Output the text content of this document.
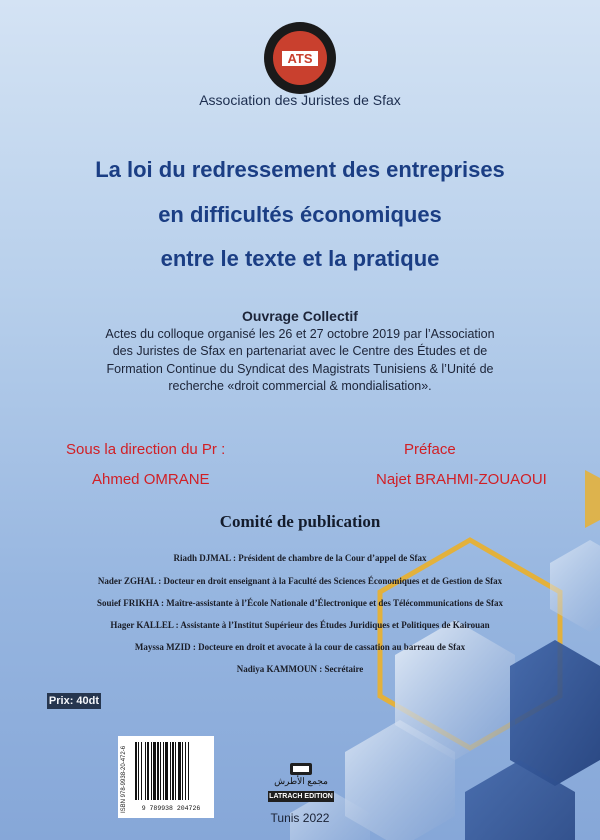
ATS
Association des Juristes de Sfax
La loi du redressement des entreprises
en difficultés économiques
entre le texte et la pratique
Ouvrage Collectif
Actes du colloque organisé les 26 et 27 octobre 2019 par l’Association
des Juristes de Sfax en partenariat avec le Centre des Études et de
Formation Continue du Syndicat des Magistrats Tunisiens & l’Unité de
recherche «droit commercial & mondialisation».
Sous la direction du Pr :
Ahmed OMRANE
Préface
Najet BRAHMI-ZOUAOUI
Comité de publication
Riadh DJMAL : Président de chambre de la Cour d’appel de Sfax
Nader ZGHAL : Docteur en droit enseignant à la Faculté des Sciences Économiques et de Gestion de Sfax
Souief FRIKHA : Maître-assistante à l’École Nationale d’Électronique et des Télécommunications de Sfax
Hager KALLEL : Assistante à l’Institut Supérieur des Études Juridiques et Politiques de Kairouan
Mayssa MZID : Docteure en droit et avocate à la cour de cassation au barreau de Sfax
Nadiya KAMMOUN : Secrétaire
Prix: 40dt
ISBN 978-9938-20-472-6 9 789938 204726
مجمع الأطرش
LATRACH EDITION
Tunis 2022
